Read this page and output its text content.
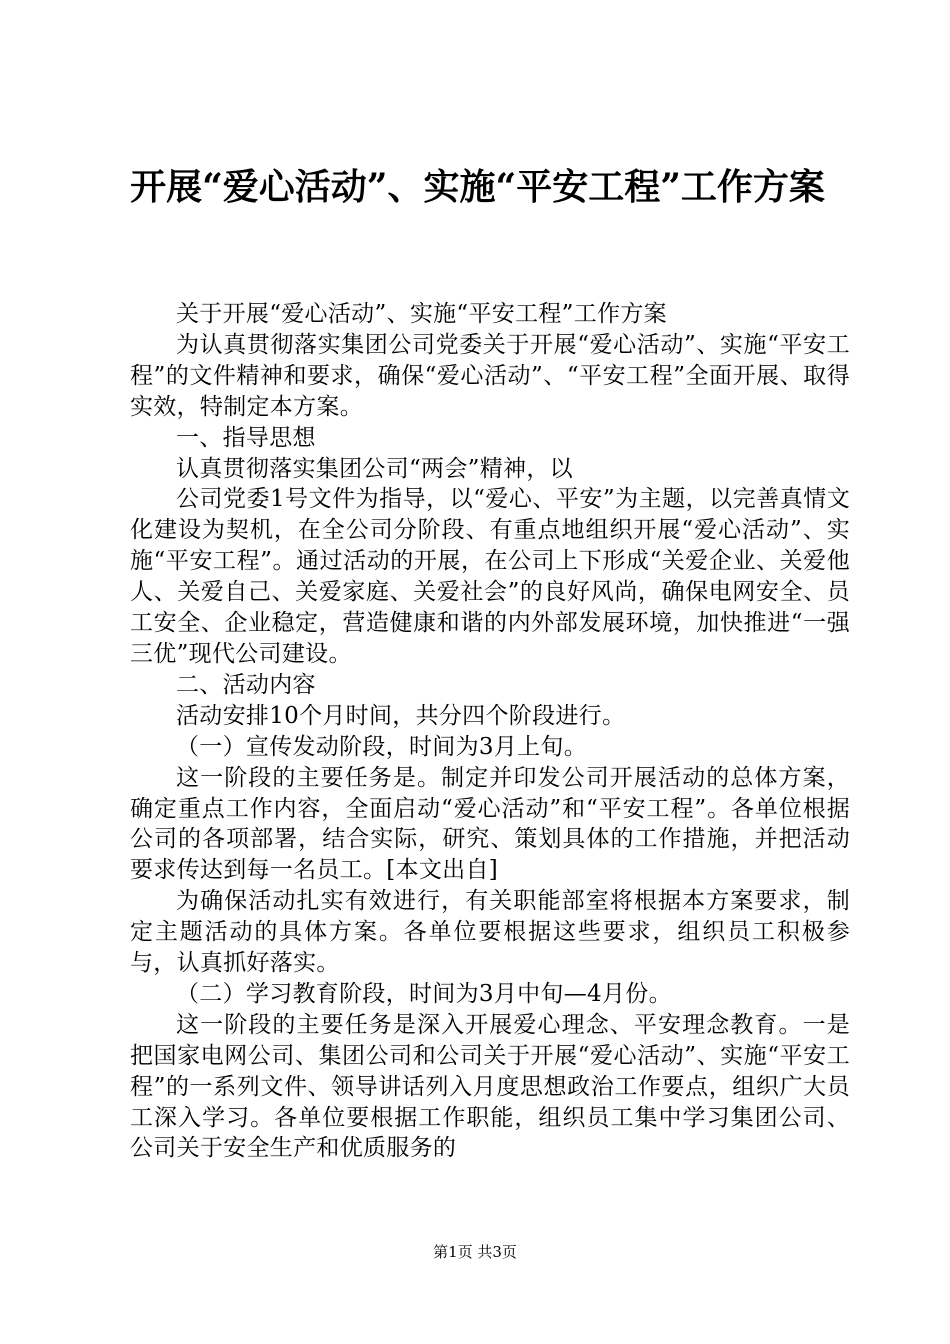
开展“爱心活动”、实施“平安工程”工作方案

关于开展“爱心活动”、实施“平安工程”工作方案

为认真贯彻落实集团公司党委关于开展“爱心活动”、实施“平安工程”的文件精神和要求，确保“爱心活动”、“平安工程”全面开展、取得实效，特制定本方案。

一、指导思想

认真贯彻落实集团公司“两会”精神，以

公司党委1号文件为指导，以“爱心、平安”为主题，以完善真情文化建设为契机，在全公司分阶段、有重点地组织开展“爱心活动”、实施“平安工程”。通过活动的开展，在公司上下形成“关爱企业、关爱他人、关爱自己、关爱家庭、关爱社会”的良好风尚，确保电网安全、员工安全、企业稳定，营造健康和谐的内外部发展环境，加快推进“一强三优”现代公司建设。

二、活动内容

活动安排10个月时间，共分四个阶段进行。

（一）宣传发动阶段，时间为3月上旬。

这一阶段的主要任务是。制定并印发公司开展活动的总体方案，确定重点工作内容，全面启动“爱心活动”和“平安工程”。各单位根据公司的各项部署，结合实际，研究、策划具体的工作措施，并把活动要求传达到每一名员工。[本文出自]

为确保活动扎实有效进行，有关职能部室将根据本方案要求，制定主题活动的具体方案。各单位要根据这些要求，组织员工积极参与，认真抓好落实。

（二）学习教育阶段，时间为3月中旬—4月份。

这一阶段的主要任务是深入开展爱心理念、平安理念教育。一是把国家电网公司、集团公司和公司关于开展“爱心活动”、实施“平安工程”的一系列文件、领导讲话列入月度思想政治工作要点，组织广大员工深入学习。各单位要根据工作职能，组织员工集中学习集团公司、公司关于安全生产和优质服务的

第1页 共3页
